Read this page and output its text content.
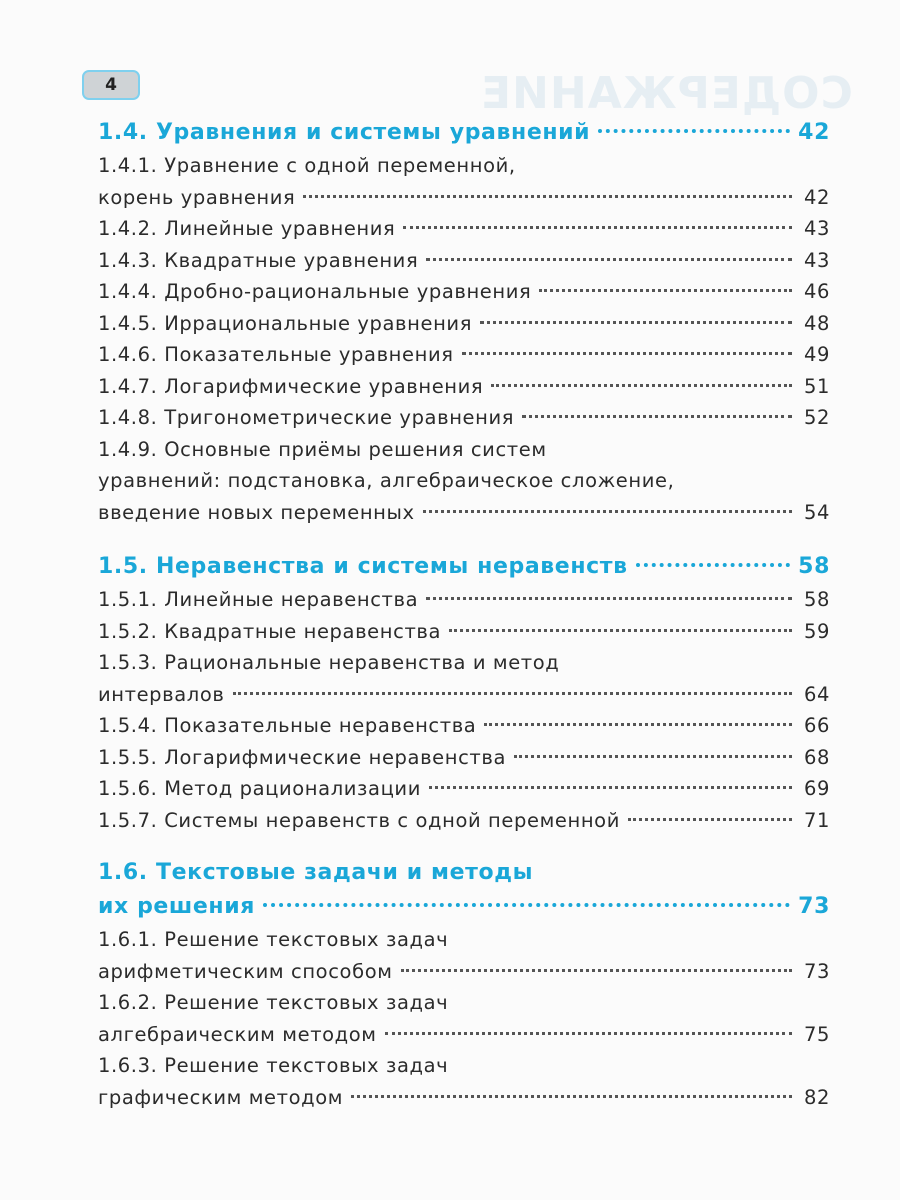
4	СОДЕРЖАНИЕ
1.4. Уравнения и системы уравнений	42
1.4.1. Уравнение с одной переменной,
корень уравнения	42
1.4.2. Линейные уравнения	43
1.4.3. Квадратные уравнения	43
1.4.4. Дробно-рациональные уравнения	46
1.4.5. Иррациональные уравнения	48
1.4.6. Показательные уравнения	49
1.4.7. Логарифмические уравнения	51
1.4.8. Тригонометрические уравнения	52
1.4.9. Основные приёмы решения систем
уравнений: подстановка, алгебраическое сложение,
введение новых переменных	54
1.5. Неравенства и системы неравенств	58
1.5.1. Линейные неравенства	58
1.5.2. Квадратные неравенства	59
1.5.3. Рациональные неравенства и метод
интервалов	64
1.5.4. Показательные неравенства	66
1.5.5. Логарифмические неравенства	68
1.5.6. Метод рационализации	69
1.5.7. Системы неравенств с одной переменной	71
1.6. Текстовые задачи и методы
их решения	73
1.6.1. Решение текстовых задач
арифметическим способом	73
1.6.2. Решение текстовых задач
алгебраическим методом	75
1.6.3. Решение текстовых задач
графическим методом	82
